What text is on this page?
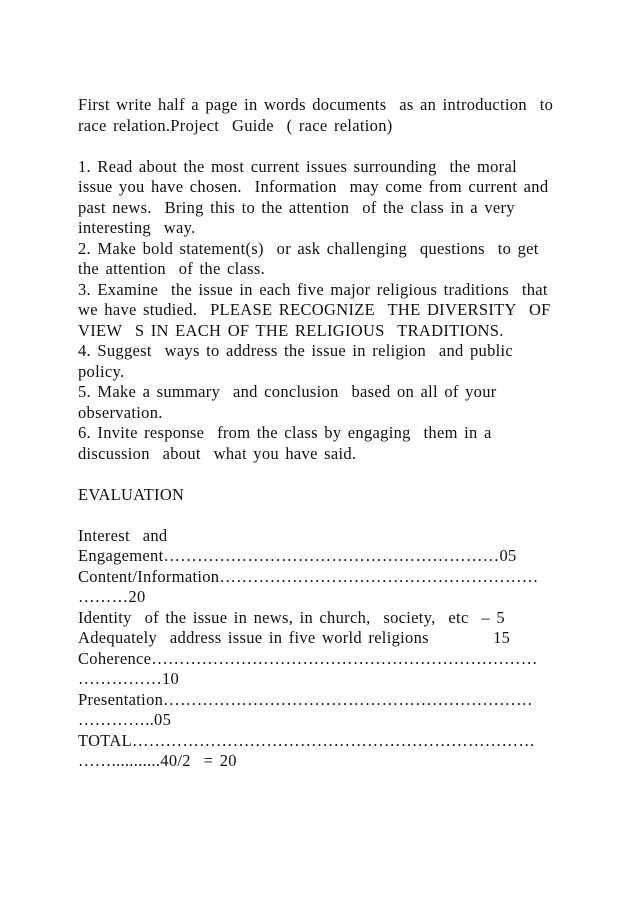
First write half a page in words documents  as an introduction  to
race relation.Project  Guide  ( race relation)
1. Read about the most current issues surrounding  the moral
issue you have chosen.  Information  may come from current and
past news.  Bring this to the attention  of the class in a very
interesting  way.
2. Make bold statement(s)  or ask challenging  questions  to get
the attention  of the class.
3. Examine  the issue in each five major religious traditions  that
we have studied.  PLEASE RECOGNIZE  THE DIVERSITY  OF
VIEW  S IN EACH OF THE RELIGIOUS  TRADITIONS.
4. Suggest  ways to address the issue in religion  and public
policy.
5. Make a summary  and conclusion  based on all of your
observation.
6. Invite response  from the class by engaging  them in a
discussion  about  what you have said.
EVALUATION
Interest  and
Engagement……………………………………………………05
Content/Information…………………………………………………
………20
Identity  of the issue in news, in church,  society,  etc  – 5
Adequately  address issue in five world religions          15
Coherence……………………………………………………………
……………10
Presentation…………………………………………………………
…………..05
TOTAL………………………………………………………………
……...........40/2  = 20
